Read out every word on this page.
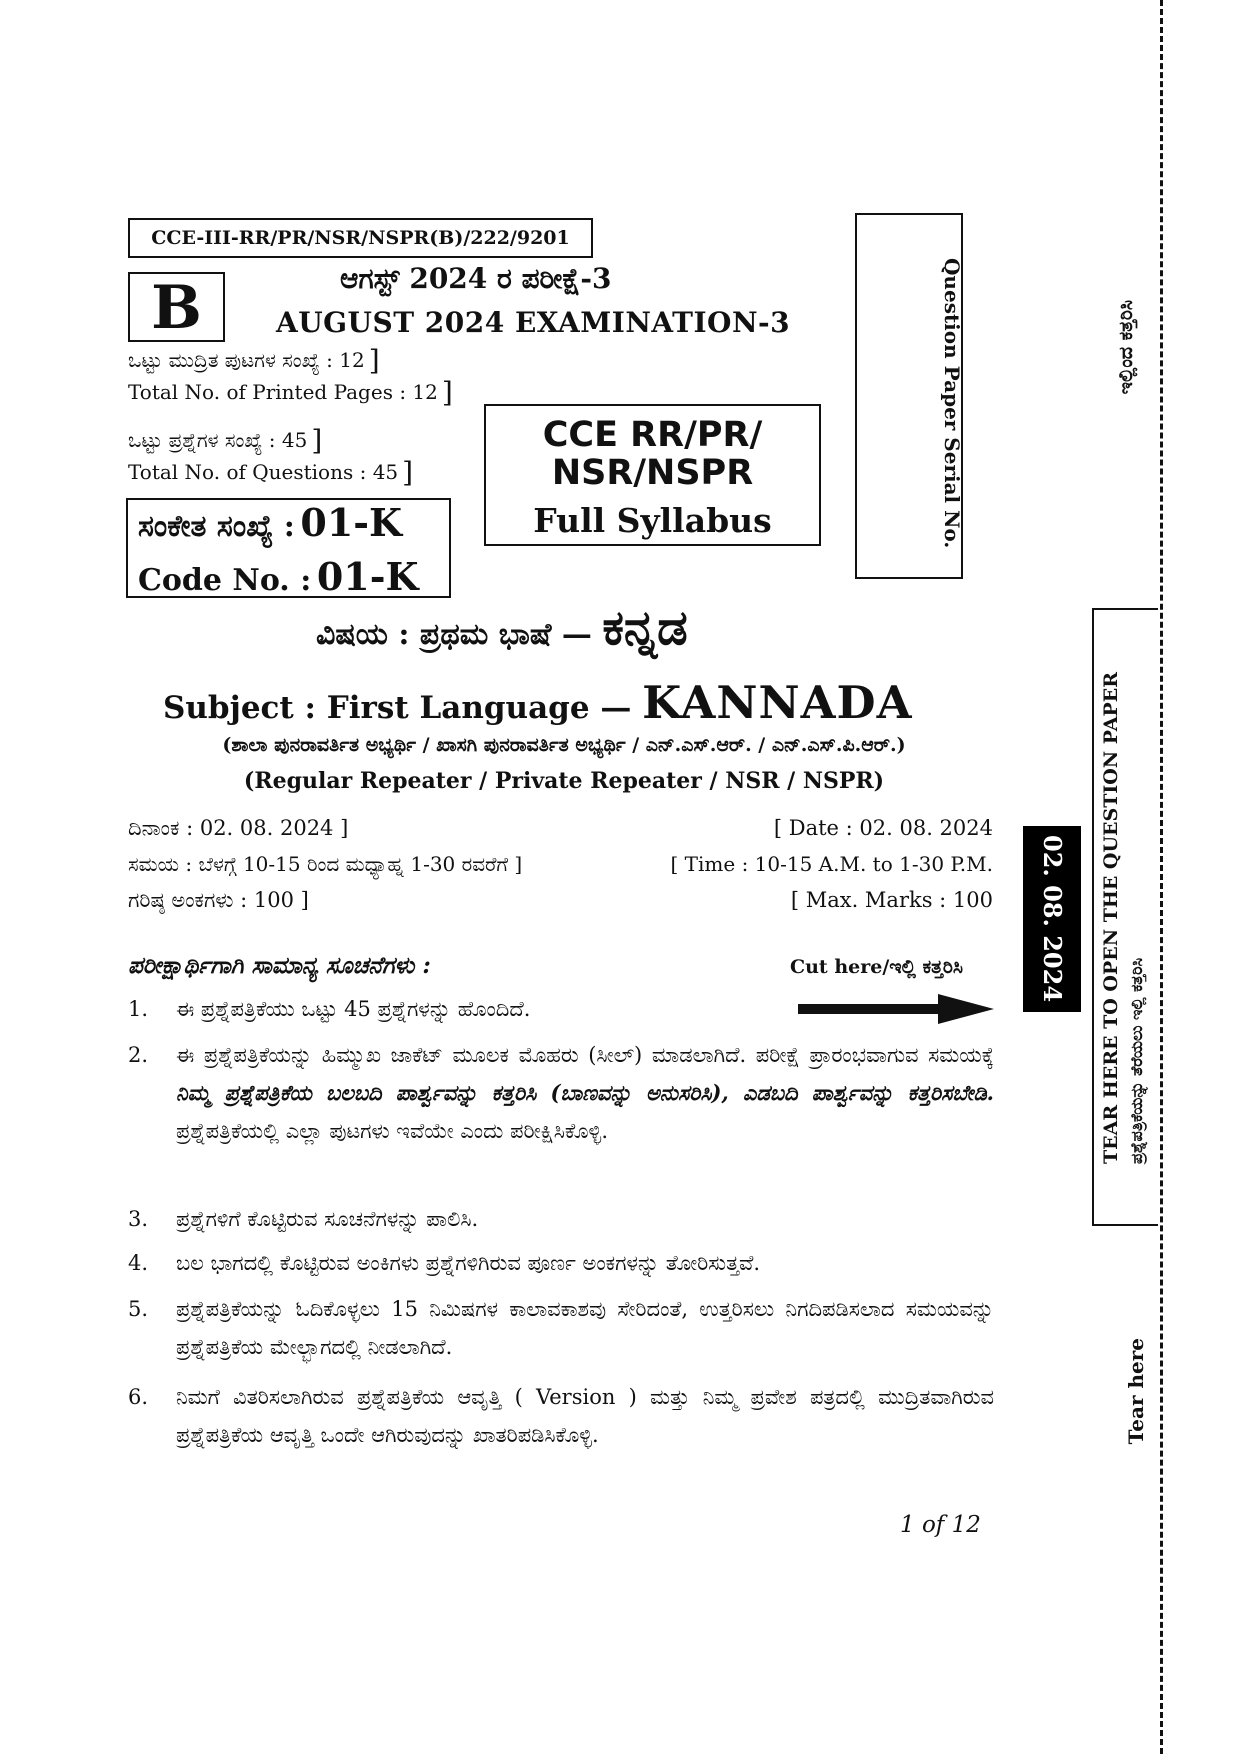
CCE-III-RR/PR/NSR/NSPR(B)/222/9201
B	ಆಗಸ್ಟ್ 2024 ರ ಪರೀಕ್ಷೆ-3
AUGUST 2024 EXAMINATION-3
ಒಟ್ಟು ಮುದ್ರಿತ ಪುಟಗಳ ಸಂಖ್ಯೆ : 12 ]
Total No. of Printed Pages : 12 ]
ಒಟ್ಟು ಪ್ರಶ್ನೆಗಳ ಸಂಖ್ಯೆ : 45 ]
Total No. of Questions : 45 ]
ಸಂಕೇತ ಸಂಖ್ಯೆ : 01-K
Code No. : 01-K
CCE RR/PR/
NSR/NSPR
Full Syllabus	Question Paper Serial No.
ವಿಷಯ : ಪ್ರಥಮ ಭಾಷೆ — ಕನ್ನಡ
Subject : First Language — KANNADA
(ಶಾಲಾ ಪುನರಾವರ್ತಿತ ಅಭ್ಯರ್ಥಿ / ಖಾಸಗಿ ಪುನರಾವರ್ತಿತ ಅಭ್ಯರ್ಥಿ / ಎನ್.ಎಸ್.ಆರ್. / ಎನ್.ಎಸ್.ಪಿ.ಆರ್.)
(Regular Repeater / Private Repeater / NSR / NSPR)
ದಿನಾಂಕ : 02. 08. 2024 ]	[ Date : 02. 08. 2024
ಸಮಯ : ಬೆಳಗ್ಗೆ 10-15 ರಿಂದ ಮಧ್ಯಾಹ್ನ 1-30 ರವರೆಗೆ ]	[ Time : 10-15 A.M. to 1-30 P.M.
ಗರಿಷ್ಠ ಅಂಕಗಳು : 100 ]	[ Max. Marks : 100
ಪರೀಕ್ಷಾರ್ಥಿಗಾಗಿ ಸಾಮಾನ್ಯ ಸೂಚನೆಗಳು :	Cut here/ಇಲ್ಲಿ ಕತ್ತರಿಸಿ
1. ಈ ಪ್ರಶ್ನೆಪತ್ರಿಕೆಯು ಒಟ್ಟು 45 ಪ್ರಶ್ನೆಗಳನ್ನು ಹೊಂದಿದೆ.
2. ಈ ಪ್ರಶ್ನೆಪತ್ರಿಕೆಯನ್ನು ಹಿಮ್ಮುಖ ಜಾಕೆಟ್ ಮೂಲಕ ಮೊಹರು (ಸೀಲ್) ಮಾಡಲಾಗಿದೆ. ಪರೀಕ್ಷೆ ಪ್ರಾರಂಭವಾಗುವ ಸಮಯಕ್ಕೆ ನಿಮ್ಮ ಪ್ರಶ್ನೆಪತ್ರಿಕೆಯ ಬಲಬದಿ ಪಾರ್ಶ್ವವನ್ನು ಕತ್ತರಿಸಿ (ಬಾಣವನ್ನು ಅನುಸರಿಸಿ), ಎಡಬದಿ ಪಾರ್ಶ್ವವನ್ನು ಕತ್ತರಿಸಬೇಡಿ. ಪ್ರಶ್ನೆಪತ್ರಿಕೆಯಲ್ಲಿ ಎಲ್ಲಾ ಪುಟಗಳು ಇವೆಯೇ ಎಂದು ಪರೀಕ್ಷಿಸಿಕೊಳ್ಳಿ.
3. ಪ್ರಶ್ನೆಗಳಿಗೆ ಕೊಟ್ಟಿರುವ ಸೂಚನೆಗಳನ್ನು ಪಾಲಿಸಿ.
4. ಬಲ ಭಾಗದಲ್ಲಿ ಕೊಟ್ಟಿರುವ ಅಂಕಿಗಳು ಪ್ರಶ್ನೆಗಳಿಗಿರುವ ಪೂರ್ಣ ಅಂಕಗಳನ್ನು ತೋರಿಸುತ್ತವೆ.
5. ಪ್ರಶ್ನೆಪತ್ರಿಕೆಯನ್ನು ಓದಿಕೊಳ್ಳಲು 15 ನಿಮಿಷಗಳ ಕಾಲಾವಕಾಶವು ಸೇರಿದಂತೆ, ಉತ್ತರಿಸಲು ನಿಗದಿಪಡಿಸಲಾದ ಸಮಯವನ್ನು ಪ್ರಶ್ನೆಪತ್ರಿಕೆಯ ಮೇಲ್ಭಾಗದಲ್ಲಿ ನೀಡಲಾಗಿದೆ.
6. ನಿಮಗೆ ವಿತರಿಸಲಾಗಿರುವ ಪ್ರಶ್ನೆಪತ್ರಿಕೆಯ ಆವೃತ್ತಿ ( Version ) ಮತ್ತು ನಿಮ್ಮ ಪ್ರವೇಶ ಪತ್ರದಲ್ಲಿ ಮುದ್ರಿತವಾಗಿರುವ ಪ್ರಶ್ನೆಪತ್ರಿಕೆಯ ಆವೃತ್ತಿ ಒಂದೇ ಆಗಿರುವುದನ್ನು ಖಾತರಿಪಡಿಸಿಕೊಳ್ಳಿ.
1 of 12
02. 08. 2024	TEAR HERE TO OPEN THE QUESTION PAPER ಪ್ರಶ್ನೆಪತ್ರಿಕೆಯನ್ನು ತೆರೆಯಲು ಇಲ್ಲಿ ಕತ್ತರಿಸಿ
ಇಲ್ಲಿಂದ ಕತ್ತರಿಸಿ
Tear here
